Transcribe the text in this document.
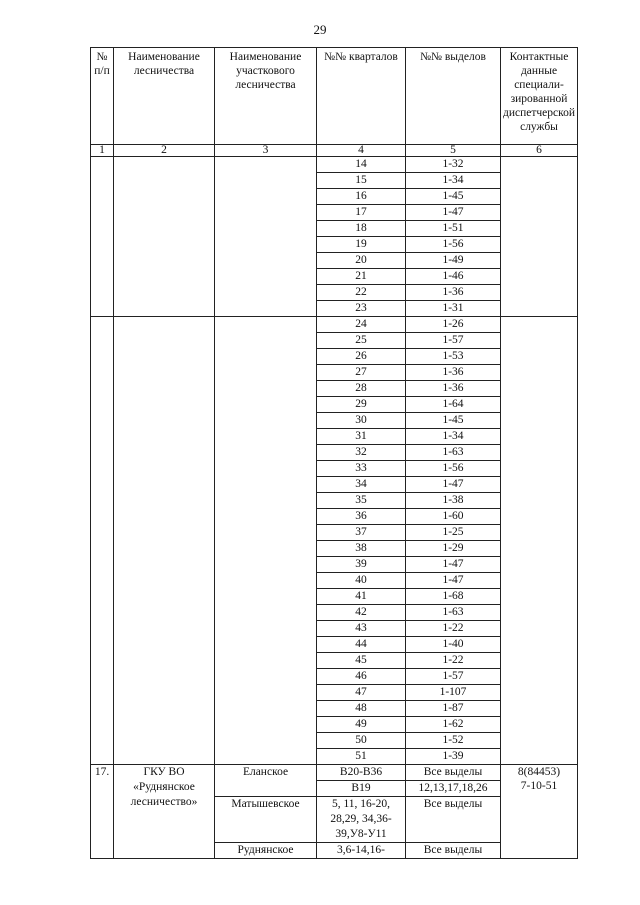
29
№ п/п	Наименование лесничества	Наименование участкового лесничества	№№ кварталов	№№ выделов	Контактные данные специали-зированной диспетчерской службы
1	2	3	4	5	6
			14	1-32	
			15	1-34	
			16	1-45	
			17	1-47	
			18	1-51	
			19	1-56	
			20	1-49	
			21	1-46	
			22	1-36	
			23	1-31	
			24	1-26	
			25	1-57	
			26	1-53	
			27	1-36	
			28	1-36	
			29	1-64	
			30	1-45	
			31	1-34	
			32	1-63	
			33	1-56	
			34	1-47	
			35	1-38	
			36	1-60	
			37	1-25	
			38	1-29	
			39	1-47	
			40	1-47	
			41	1-68	
			42	1-63	
			43	1-22	
			44	1-40	
			45	1-22	
			46	1-57	
			47	1-107	
			48	1-87	
			49	1-62	
			50	1-52	
			51	1-39	
17.	ГКУ ВО «Руднянское лесничество»	Еланское	В20-В36	Все выделы	8(84453)
7-10-51

			В19	12,13,17,18,26	
		Матышевское	5, 11, 16-20, 28,29, 34,36-39,У8-У11	Все выделы	
		Руднянское	3,6-14,16-	Все выделы	
